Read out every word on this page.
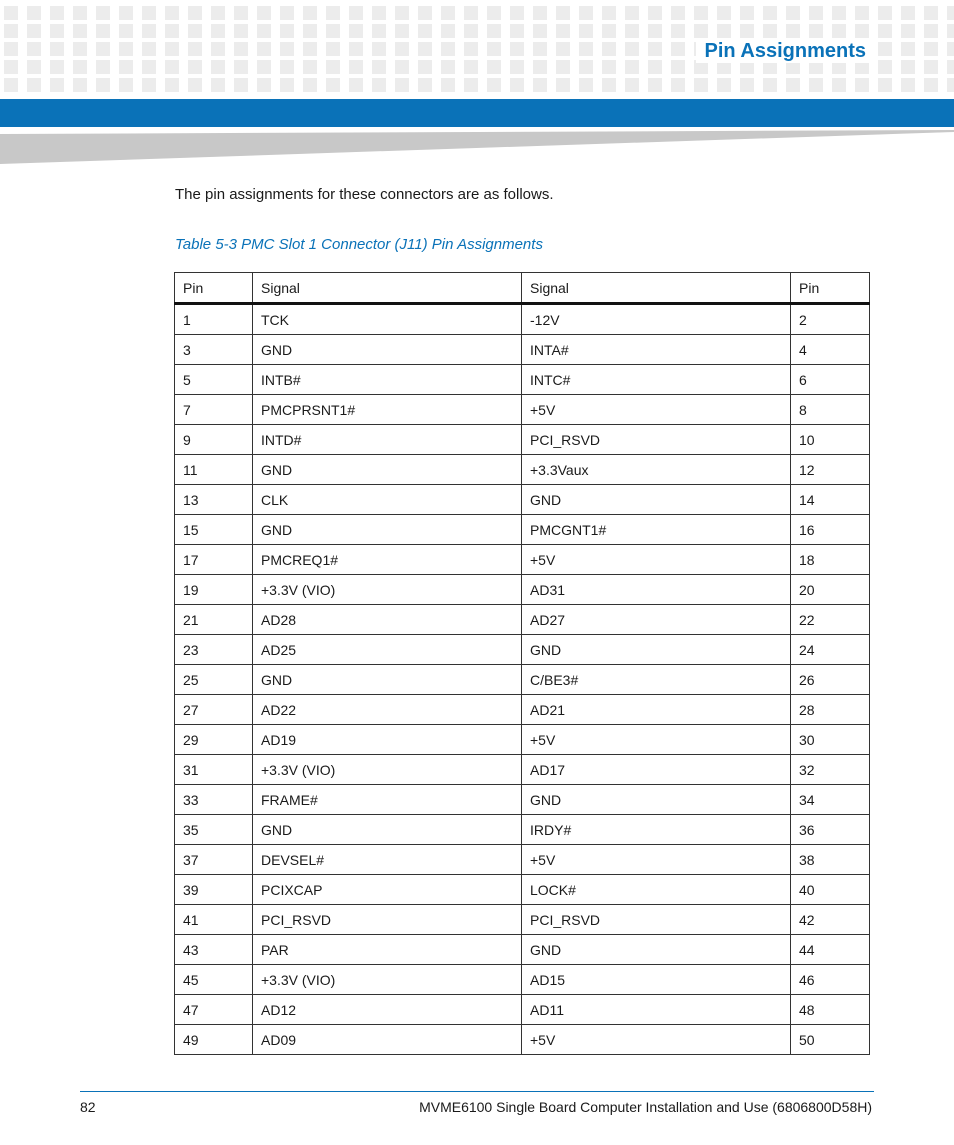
Pin Assignments
The pin assignments for these connectors are as follows.
Table 5-3 PMC Slot 1 Connector (J11) Pin Assignments
Pin	Signal	Signal	Pin
1	TCK	-12V	2
3	GND	INTA#	4
5	INTB#	INTC#	6
7	PMCPRSNT1#	+5V	8
9	INTD#	PCI_RSVD	10
11	GND	+3.3Vaux	12
13	CLK	GND	14
15	GND	PMCGNT1#	16
17	PMCREQ1#	+5V	18
19	+3.3V (VIO)	AD31	20
21	AD28	AD27	22
23	AD25	GND	24
25	GND	C/BE3#	26
27	AD22	AD21	28
29	AD19	+5V	30
31	+3.3V (VIO)	AD17	32
33	FRAME#	GND	34
35	GND	IRDY#	36
37	DEVSEL#	+5V	38
39	PCIXCAP	LOCK#	40
41	PCI_RSVD	PCI_RSVD	42
43	PAR	GND	44
45	+3.3V (VIO)	AD15	46
47	AD12	AD11	48
49	AD09	+5V	50
82	MVME6100 Single Board Computer Installation and Use (6806800D58H)
